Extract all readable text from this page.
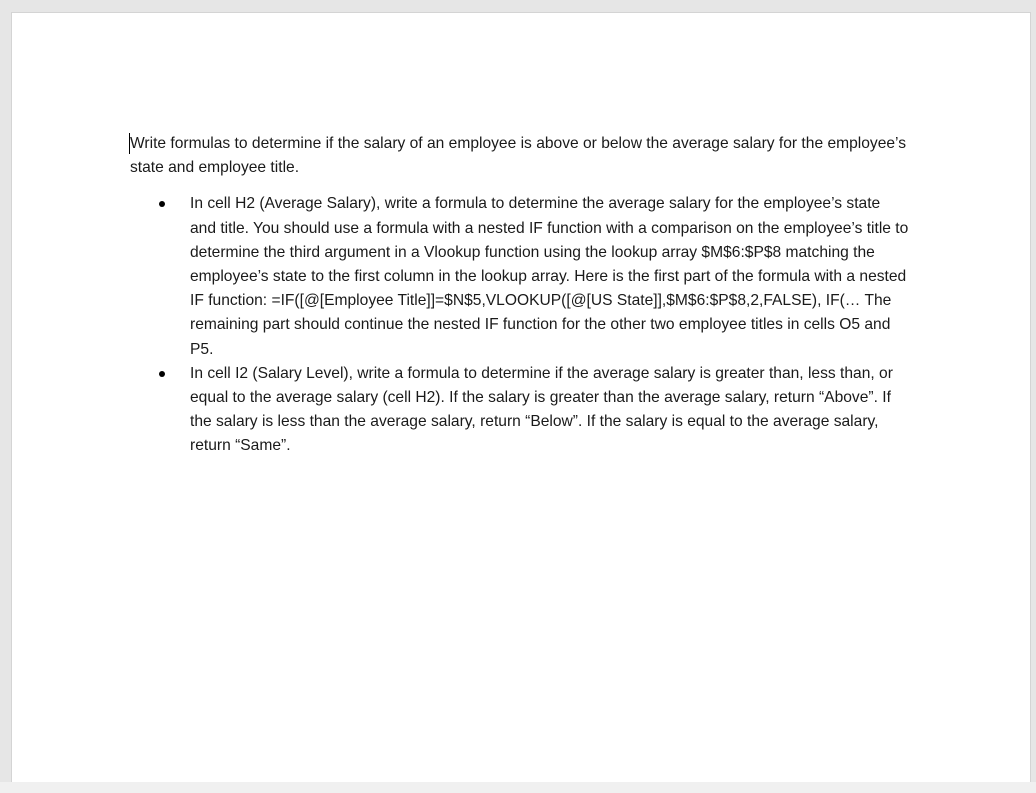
Write formulas to determine if the salary of an employee is above or below the average salary for the employee’s state and employee title.

In cell H2 (Average Salary), write a formula to determine the average salary for the employee’s state and title. You should use a formula with a nested IF function with a comparison on the employee’s title to determine the third argument in a Vlookup function using the lookup array $M$6:$P$8 matching the employee’s state to the first column in the lookup array. Here is the first part of the formula with a nested IF function: =IF([@[Employee Title]]=$N$5,VLOOKUP([@[US State]],$M$6:$P$8,2,FALSE), IF(… The remaining part should continue the nested IF function for the other two employee titles in cells O5 and P5.
In cell I2 (Salary Level), write a formula to determine if the average salary is greater than, less than, or equal to the average salary (cell H2). If the salary is greater than the average salary, return “Above”. If the salary is less than the average salary, return “Below”. If the salary is equal to the average salary, return “Same”.
